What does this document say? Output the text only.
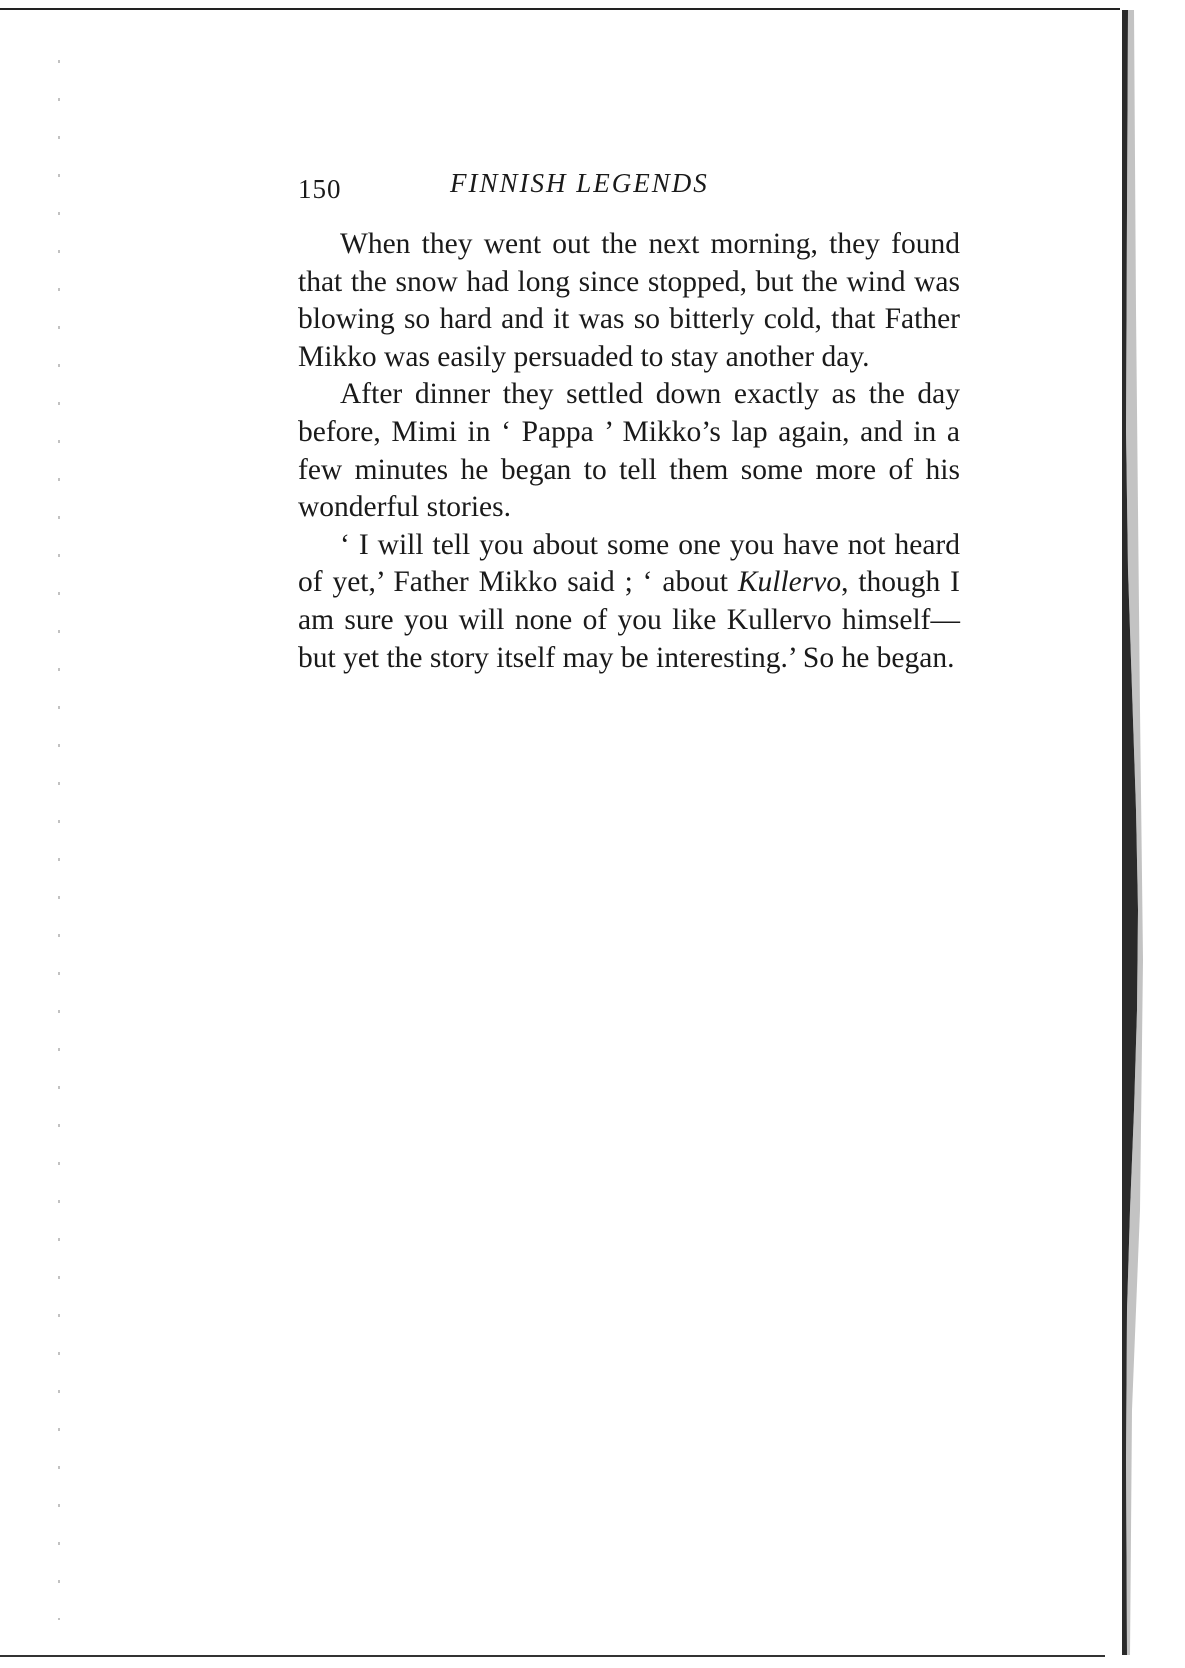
150	FINNISH LEGENDS

When they went out the next morning, they found that the snow had long since stopped, but the wind was blowing so hard and it was so bitterly cold, that Father Mikko was easily persuaded to stay another day.

After dinner they settled down exactly as the day before, Mimi in ‘ Pappa ’ Mikko’s lap again, and in a few minutes he began to tell them some more of his wonderful stories.

‘ I will tell you about some one you have not heard of yet,’ Father Mikko said ; ‘ about Kullervo, though I am sure you will none of you like Kullervo himself—but yet the story itself may be interesting.’ So he began.
